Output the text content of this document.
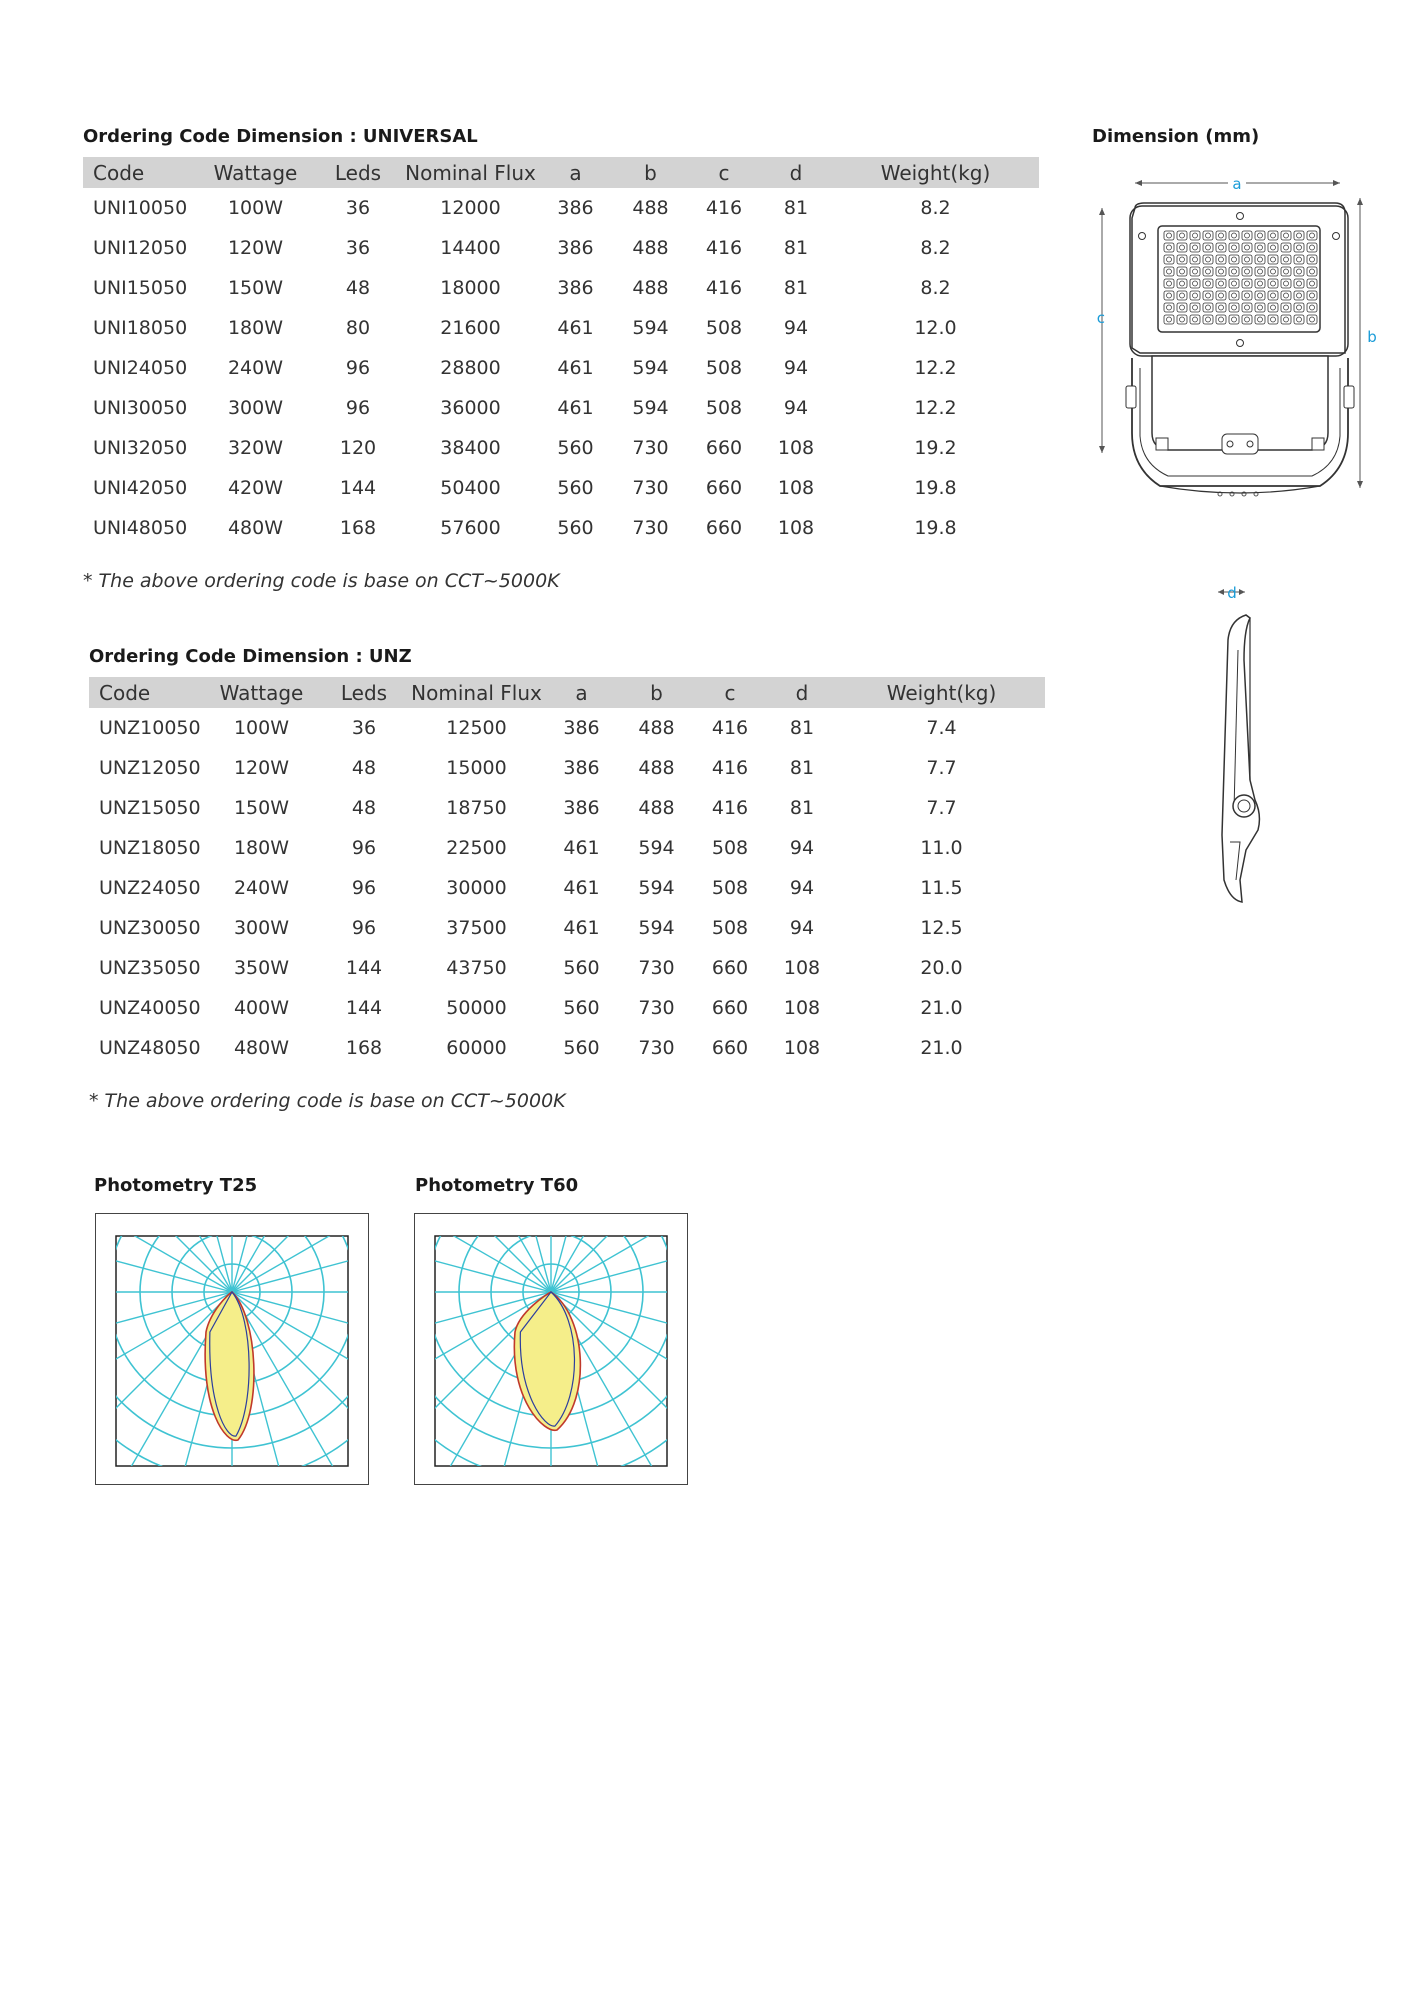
Ordering Code Dimension : UNIVERSAL
Code	Wattage	Leds	Nominal Flux	a	b	c	d	Weight(kg)
UNI10050	100W	36	12000	386	488	416	81	8.2
UNI12050	120W	36	14400	386	488	416	81	8.2
UNI15050	150W	48	18000	386	488	416	81	8.2
UNI18050	180W	80	21600	461	594	508	94	12.0
UNI24050	240W	96	28800	461	594	508	94	12.2
UNI30050	300W	96	36000	461	594	508	94	12.2
UNI32050	320W	120	38400	560	730	660	108	19.2
UNI42050	420W	144	50400	560	730	660	108	19.8
UNI48050	480W	168	57600	560	730	660	108	19.8
* The above ordering code is base on CCT~5000K
Ordering Code Dimension : UNZ
Code	Wattage	Leds	Nominal Flux	a	b	c	d	Weight(kg)
UNZ10050	100W	36	12500	386	488	416	81	7.4
UNZ12050	120W	48	15000	386	488	416	81	7.7
UNZ15050	150W	48	18750	386	488	416	81	7.7
UNZ18050	180W	96	22500	461	594	508	94	11.0
UNZ24050	240W	96	30000	461	594	508	94	11.5
UNZ30050	300W	96	37500	461	594	508	94	12.5
UNZ35050	350W	144	43750	560	730	660	108	20.0
UNZ40050	400W	144	50000	560	730	660	108	21.0
UNZ48050	480W	168	60000	560	730	660	108	21.0
* The above ordering code is base on CCT~5000K
Dimension (mm)
a
c
b
d
Photometry T25	Photometry T60
